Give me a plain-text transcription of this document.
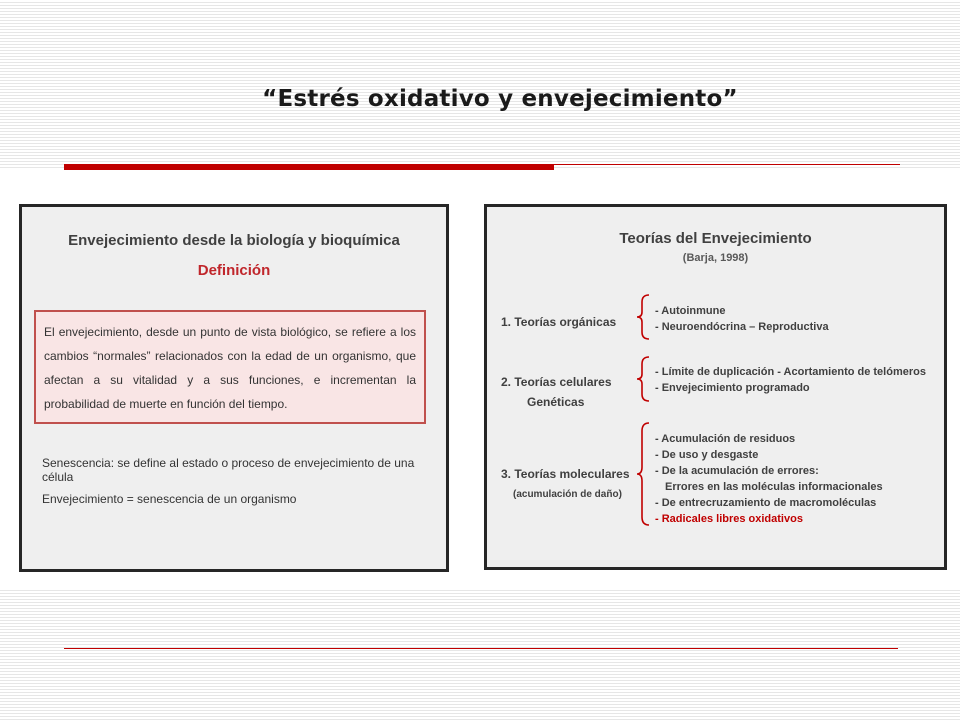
“Estrés oxidativo y envejecimiento”
Envejecimiento desde la biología y bioquímica
Definición
El envejecimiento, desde un punto de vista biológico, se refiere a los cambios “normales” relacionados con la edad de un organismo, que afectan a su vitalidad y a sus funciones, e incrementan la probabilidad de muerte en función del tiempo.
Senescencia: se define al estado o proceso de envejecimiento de una célula
Envejecimiento = senescencia de un organismo
Teorías del Envejecimiento
(Barja, 1998)
1. Teorías orgánicas
- Autoinmune
- Neuroendócrina – Reproductiva
2. Teorías celulares
Genéticas
- Límite de duplicación - Acortamiento de telómeros
- Envejecimiento programado
3. Teorías moleculares
(acumulación de daño)
- Acumulación de residuos
- De uso y desgaste
- De la acumulación de errores:
Errores en las moléculas informacionales
- De entrecruzamiento de macromoléculas
- Radicales libres oxidativos
